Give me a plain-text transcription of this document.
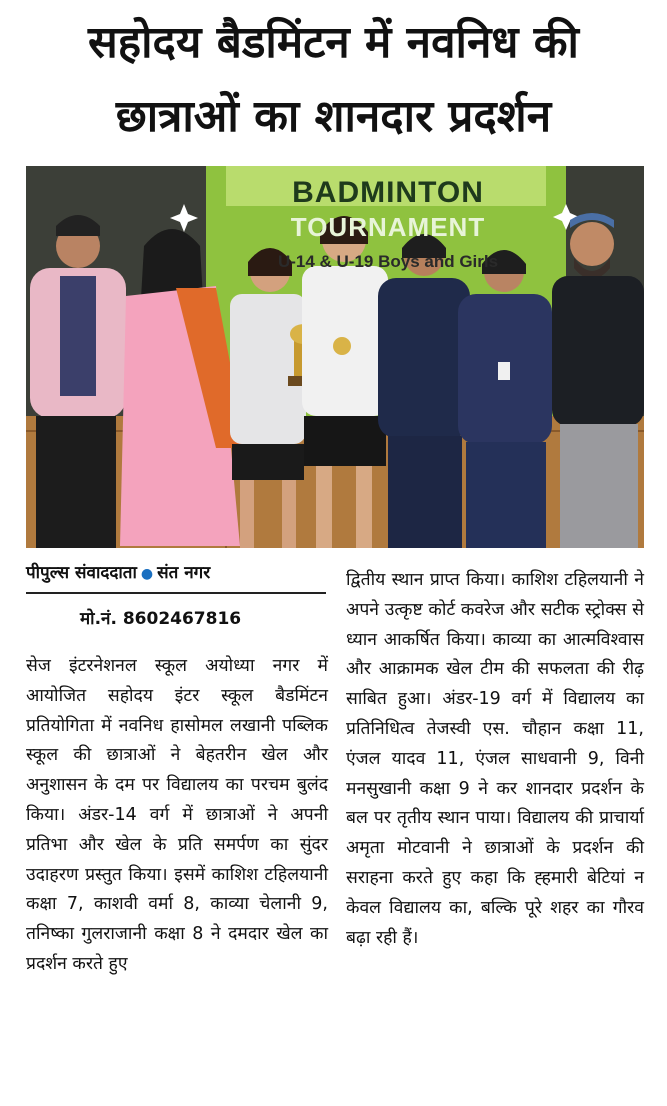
सहोदय बैडमिंटन में नवनिध की
छात्राओं का शानदार प्रदर्शन
BADMINTON
TOURNAMENT
U-14 & U-19 Boys and Girls
पीपुल्स संवाददाता ● संत नगर
मो.नं. 8602467816

सेज इंटरनेशनल स्कूल अयोध्या नगर में आयोजित सहोदय इंटर स्कूल बैडमिंटन प्रतियोगिता में नवनिध हासोमल लखानी पब्लिक स्कूल की छात्राओं ने बेहतरीन खेल और अनुशासन के दम पर विद्यालय का परचम बुलंद किया। अंडर-14 वर्ग में छात्राओं ने अपनी प्रतिभा और खेल के प्रति समर्पण का सुंदर उदाहरण प्रस्तुत किया। इसमें काशिश टहिलयानी कक्षा 7, काशवी वर्मा 8, काव्या चेलानी 9, तनिष्का गुलराजानी कक्षा 8 ने दमदार खेल का प्रदर्शन करते हुए

द्वितीय स्थान प्राप्त किया। काशिश टहिलयानी ने अपने उत्कृष्ट कोर्ट कवरेज और सटीक स्ट्रोक्स से ध्यान आकर्षित किया। काव्या का आत्मविश्वास और आक्रामक खेल टीम की सफलता की रीढ़ साबित हुआ। अंडर-19 वर्ग में विद्यालय का प्रतिनिधित्व तेजस्वी एस. चौहान कक्षा 11, एंजल यादव 11, एंजल साधवानी 9, विनी मनसुखानी कक्षा 9 ने कर शानदार प्रदर्शन के बल पर तृतीय स्थान पाया। विद्यालय की प्राचार्या अमृता मोटवानी ने छात्राओं के प्रदर्शन की सराहना करते हुए कहा कि ह्हमारी बेटियां न केवल विद्यालय का, बल्कि पूरे शहर का गौरव बढ़ा रही हैं।
